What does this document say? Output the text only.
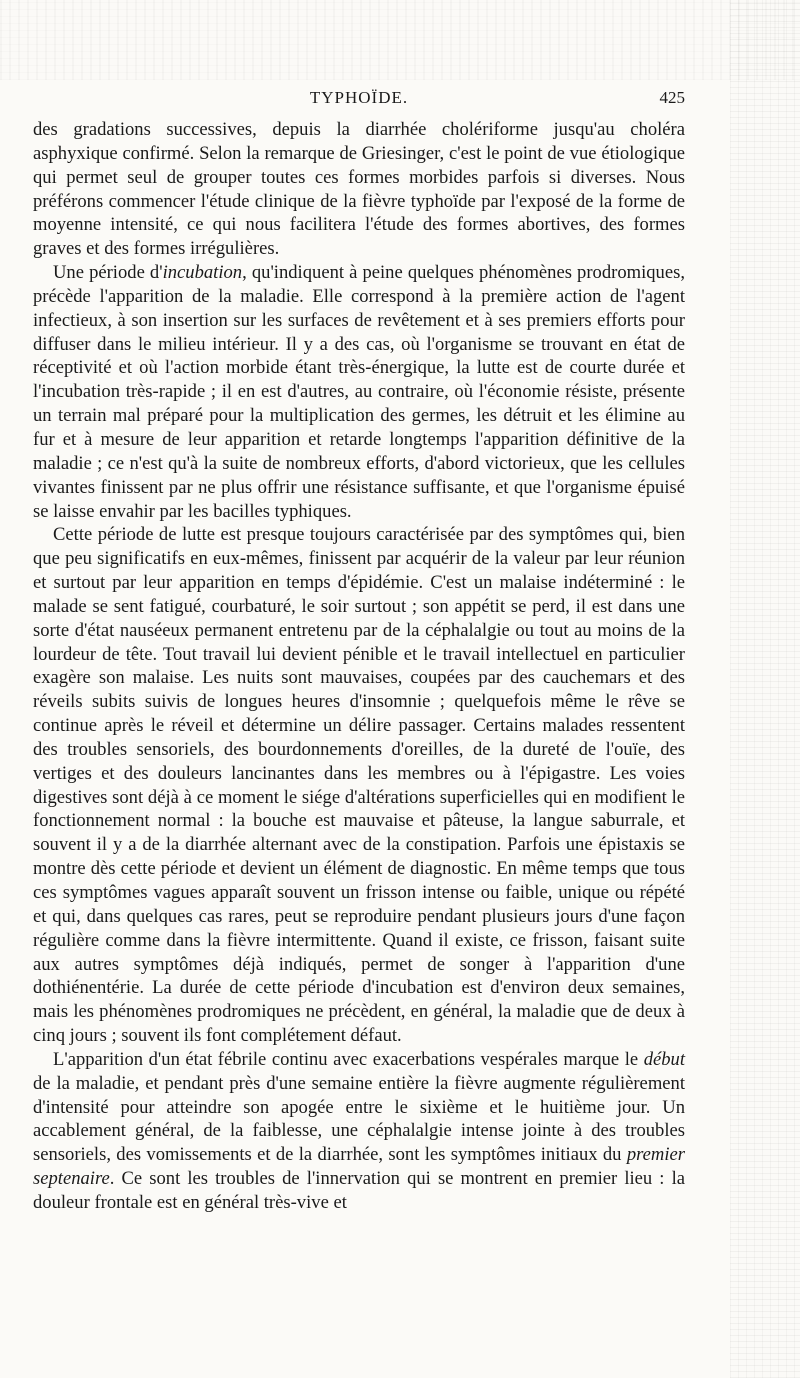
TYPHOÏDE.	425

des gradations successives, depuis la diarrhée cholériforme jusqu'au choléra asphyxique confirmé. Selon la remarque de Griesinger, c'est le point de vue étiologique qui permet seul de grouper toutes ces formes morbides parfois si diverses. Nous préférons commencer l'étude clinique de la fièvre typhoïde par l'exposé de la forme de moyenne intensité, ce qui nous facilitera l'étude des formes abortives, des formes graves et des formes irrégulières.

Une période d'incubation, qu'indiquent à peine quelques phénomènes prodromiques, précède l'apparition de la maladie. Elle correspond à la première action de l'agent infectieux, à son insertion sur les surfaces de revêtement et à ses premiers efforts pour diffuser dans le milieu intérieur. Il y a des cas, où l'organisme se trouvant en état de réceptivité et où l'action morbide étant très-énergique, la lutte est de courte durée et l'incubation très-rapide ; il en est d'autres, au contraire, où l'économie résiste, présente un terrain mal préparé pour la multiplication des germes, les détruit et les élimine au fur et à mesure de leur apparition et retarde longtemps l'apparition définitive de la maladie ; ce n'est qu'à la suite de nombreux efforts, d'abord victorieux, que les cellules vivantes finissent par ne plus offrir une résistance suffisante, et que l'organisme épuisé se laisse envahir par les bacilles typhiques.

Cette période de lutte est presque toujours caractérisée par des symptômes qui, bien que peu significatifs en eux-mêmes, finissent par acquérir de la valeur par leur réunion et surtout par leur apparition en temps d'épidémie. C'est un malaise indéterminé : le malade se sent fatigué, courbaturé, le soir surtout ; son appétit se perd, il est dans une sorte d'état nauséeux permanent entretenu par de la céphalalgie ou tout au moins de la lourdeur de tête. Tout travail lui devient pénible et le travail intellectuel en particulier exagère son malaise. Les nuits sont mauvaises, coupées par des cauchemars et des réveils subits suivis de longues heures d'insomnie ; quelquefois même le rêve se continue après le réveil et détermine un délire passager. Certains malades ressentent des troubles sensoriels, des bourdonnements d'oreilles, de la dureté de l'ouïe, des vertiges et des douleurs lancinantes dans les membres ou à l'épigastre. Les voies digestives sont déjà à ce moment le siége d'altérations superficielles qui en modifient le fonctionnement normal : la bouche est mauvaise et pâteuse, la langue saburrale, et souvent il y a de la diarrhée alternant avec de la constipation. Parfois une épistaxis se montre dès cette période et devient un élément de diagnostic. En même temps que tous ces symptômes vagues apparaît souvent un frisson intense ou faible, unique ou répété et qui, dans quelques cas rares, peut se reproduire pendant plusieurs jours d'une façon régulière comme dans la fièvre intermittente. Quand il existe, ce frisson, faisant suite aux autres symptômes déjà indiqués, permet de songer à l'apparition d'une dothiénentérie. La durée de cette période d'incubation est d'environ deux semaines, mais les phénomènes prodromiques ne précèdent, en général, la maladie que de deux à cinq jours ; souvent ils font complétement défaut.

L'apparition d'un état fébrile continu avec exacerbations vespérales marque le début de la maladie, et pendant près d'une semaine entière la fièvre augmente régulièrement d'intensité pour atteindre son apogée entre le sixième et le huitième jour. Un accablement général, de la faiblesse, une céphalalgie intense jointe à des troubles sensoriels, des vomissements et de la diarrhée, sont les symptômes initiaux du premier septenaire. Ce sont les troubles de l'innervation qui se montrent en premier lieu : la douleur frontale est en général très-vive et
